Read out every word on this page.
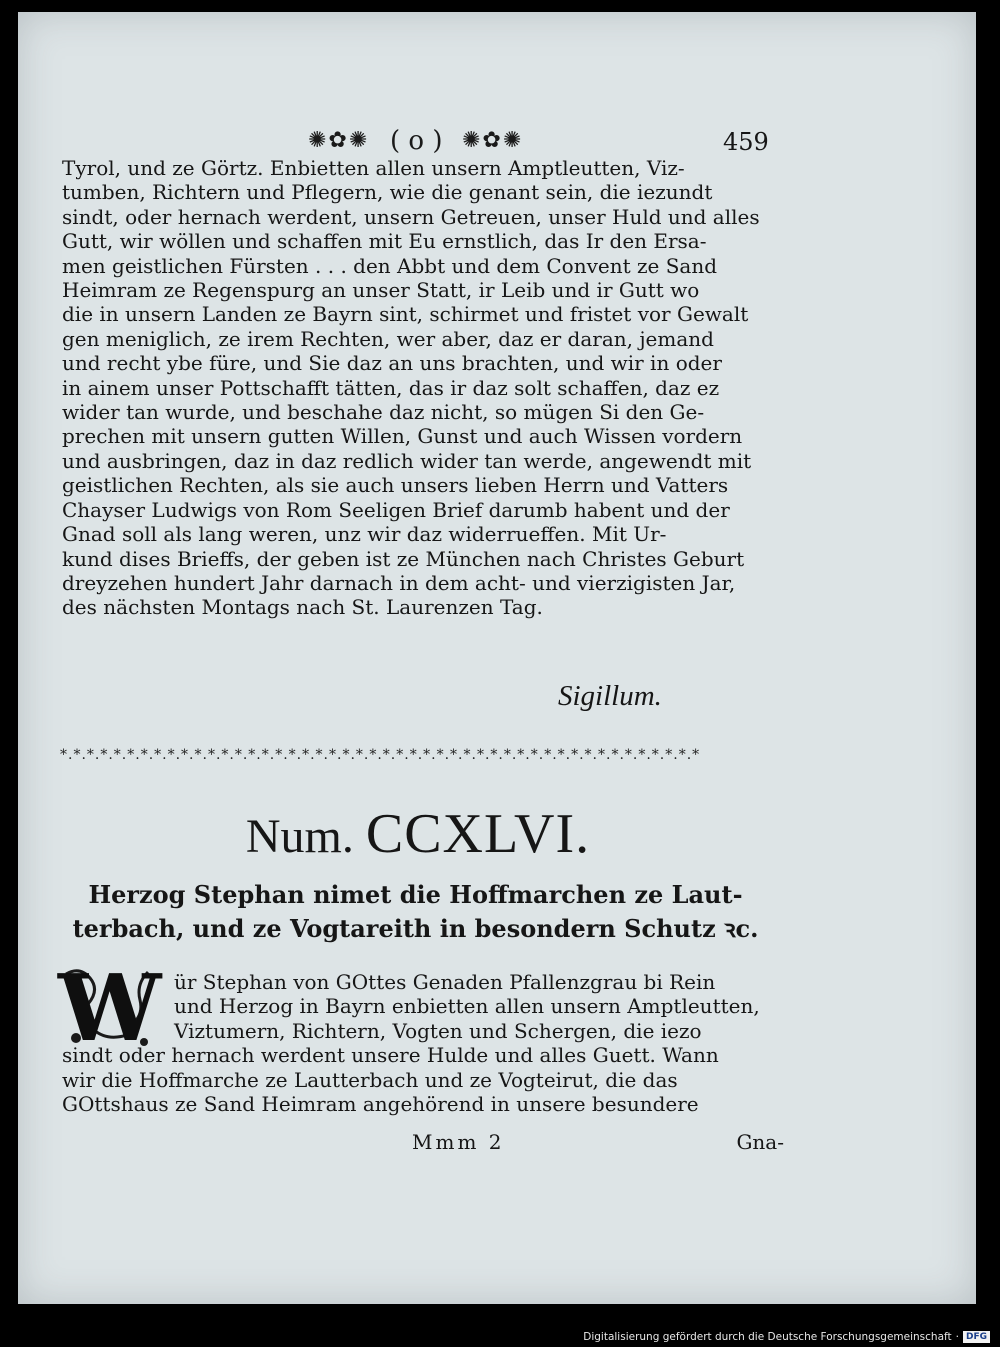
✺✿✺ ( o ) ✺✿✺	459
Tyrol, und ze Görtz. Enbietten allen unsern Amptleutten, Viz-
tumben, Richtern und Pflegern, wie die genant sein, die iezundt
sindt, oder hernach werdent, unsern Getreuen, unser Huld und alles
Gutt, wir wöllen und schaffen mit Eu ernstlich, das Ir den Ersa-
men geistlichen Fürsten . . . den Abbt und dem Convent ze Sand
Heimram ze Regenspurg an unser Statt, ir Leib und ir Gutt wo
die in unsern Landen ze Bayrn sint, schirmet und fristet vor Gewalt
gen meniglich, ze irem Rechten, wer aber, daz er daran, jemand
und recht ybe füre, und Sie daz an uns brachten, und wir in oder
in ainem unser Pottschafft tätten, das ir daz solt schaffen, daz ez
wider tan wurde, und beschahe daz nicht, so mügen Si den Ge-
prechen mit unsern gutten Willen, Gunst und auch Wissen vordern
und ausbringen, daz in daz redlich wider tan werde, angewendt mit
geistlichen Rechten, als sie auch unsers lieben Herrn und Vatters
Chayser Ludwigs von Rom Seeligen Brief darumb habent und der
Gnad soll als lang weren, unz wir daz widerrueffen. Mit Ur-
kund dises Brieffs, der geben ist ze München nach Christes Geburt
dreyzehen hundert Jahr darnach in dem acht- und vierzigisten Jar,
des nächsten Montags nach St. Laurenzen Tag.
Sigillum.
*.*.*.*.*.*.*.*.*.*.*.*.*.*.*.*.*.*.*.*.*.*.*.*.*.*.*.*.*.*.*.*.*.*.*.*.*.*.*.*.*.*.*.*.*.*.*.*
Num. CCXLVI.
Herzog Stephan nimet die Hoffmarchen ze Laut-
terbach, und ze Vogtareith in besondern Schutz ꝛc.
W ür Stephan von GOttes Genaden Pfallenzgrau bi Rein
und Herzog in Bayrn enbietten allen unsern Amptleutten,
Viztumern, Richtern, Vogten und Schergen, die iezo
sindt oder hernach werdent unsere Hulde und alles Guett. Wann
wir die Hoffmarche ze Lautterbach und ze Vogteirut, die das
GOttshaus ze Sand Heimram angehörend in unsere besundere
Mmm 2	Gna-
Digitalisierung gefördert durch die Deutsche Forschungsgemeinschaft · DFG
